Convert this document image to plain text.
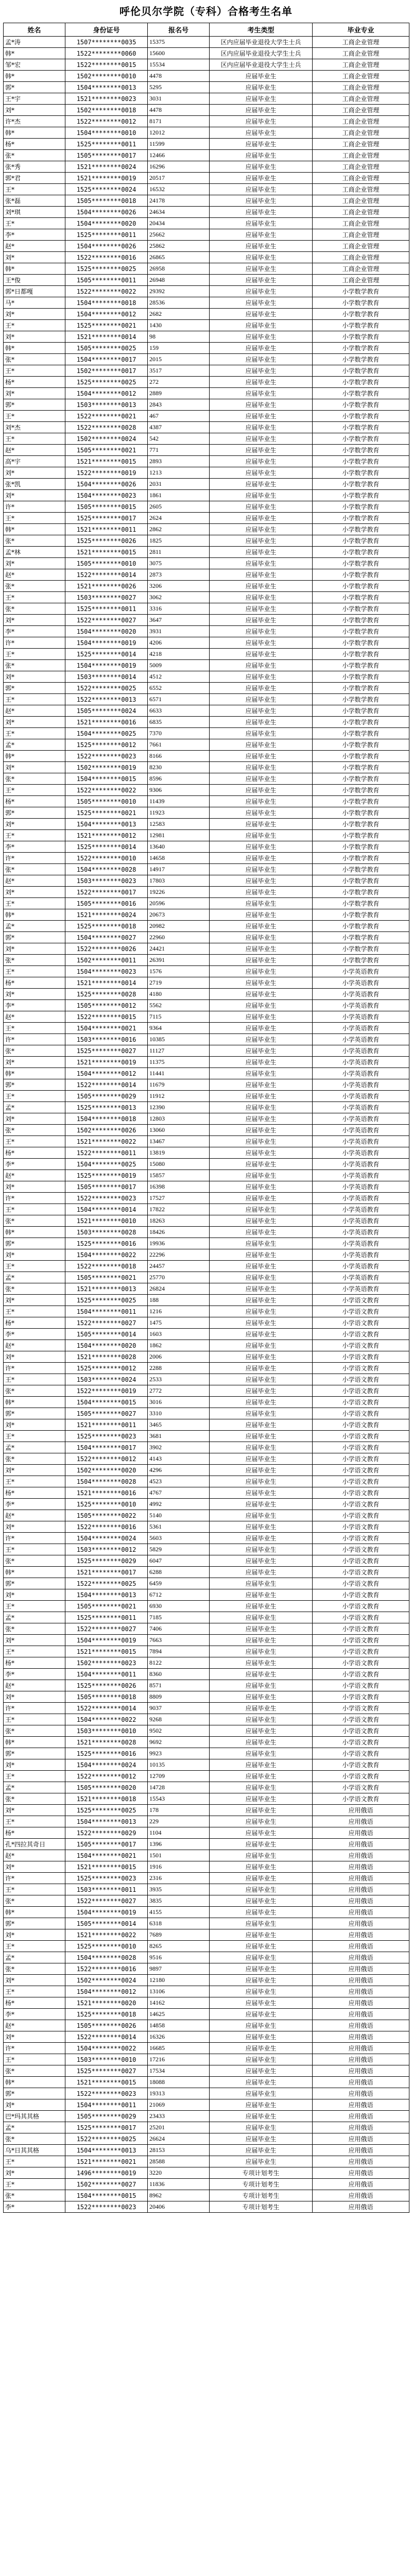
呼伦贝尔学院（专科）合格考生名单
姓名	身份证号	报名号	考生类型	毕业专业
孟*涛	1507********0035	15375	区内应届毕业退役大学生士兵	工商企业管理
韩*	1522********0060	15600	区内应届毕业退役大学生士兵	工商企业管理
邹*宏	1522********0015	15534	区内应届毕业退役大学生士兵	工商企业管理
韩*	1502********0010	4478	应届毕业生	工商企业管理
郭*	1504********0013	5295	应届毕业生	工商企业管理
王*宇	1521********0023	3031	应届毕业生	工商企业管理
刘*	1502********0018	4478	应届毕业生	工商企业管理
许*杰	1522********0012	8171	应届毕业生	工商企业管理
韩*	1504********0010	12012	应届毕业生	工商企业管理
杨*	1525********0011	11599	应届毕业生	工商企业管理
张*	1505********0017	12466	应届毕业生	工商企业管理
张*秀	1521********0024	16296	应届毕业生	工商企业管理
郭*君	1521********0019	20517	应届毕业生	工商企业管理
王*	1525********0024	16532	应届毕业生	工商企业管理
张*磊	1505********0018	24178	应届毕业生	工商企业管理
刘*琪	1504********0026	24634	应届毕业生	工商企业管理
王*	1504********0020	20434	应届毕业生	工商企业管理
李*	1525********0011	25662	应届毕业生	工商企业管理
赵*	1504********0026	25862	应届毕业生	工商企业管理
刘*	1522********0016	26865	应届毕业生	工商企业管理
韩*	1525********0025	26958	应届毕业生	工商企业管理
王*俊	1505********0011	26948	应届毕业生	工商企业管理
郭*日都嘎	1522********0022	29392	应届毕业生	小学数学教育
马*	1504********0018	28536	应届毕业生	小学数学教育
刘*	1504********0012	2682	应届毕业生	小学数学教育
王*	1525********0021	1430	应届毕业生	小学数学教育
刘*	1521********0014	98	应届毕业生	小学数学教育
韩*	1505********0025	159	应届毕业生	小学数学教育
张*	1504********0017	2015	应届毕业生	小学数学教育
王*	1502********0017	3517	应届毕业生	小学数学教育
杨*	1525********0025	272	应届毕业生	小学数学教育
刘*	1504********0012	2889	应届毕业生	小学数学教育
郭*	1503********0013	2843	应届毕业生	小学数学教育
王*	1522********0021	467	应届毕业生	小学数学教育
刘*杰	1522********0028	4387	应届毕业生	小学数学教育
王*	1502********0024	542	应届毕业生	小学数学教育
赵*	1505********0021	771	应届毕业生	小学数学教育
高*宇	1521********0015	2893	应届毕业生	小学数学教育
刘*	1522********0019	1213	应届毕业生	小学数学教育
张*凯	1504********0026	2031	应届毕业生	小学数学教育
刘*	1504********0023	1861	应届毕业生	小学数学教育
许*	1505********0015	2605	应届毕业生	小学数学教育
王*	1525********0017	2624	应届毕业生	小学数学教育
韩*	1521********0011	2862	应届毕业生	小学数学教育
张*	1525********0026	1825	应届毕业生	小学数学教育
孟*林	1521********0015	2811	应届毕业生	小学数学教育
刘*	1505********0010	3075	应届毕业生	小学数学教育
赵*	1522********0014	2873	应届毕业生	小学数学教育
张*	1521********0026	3206	应届毕业生	小学数学教育
王*	1503********0027	3062	应届毕业生	小学数学教育
张*	1525********0011	3316	应届毕业生	小学数学教育
刘*	1522********0027	3647	应届毕业生	小学数学教育
李*	1504********0020	3931	应届毕业生	小学数学教育
许*	1504********0019	4206	应届毕业生	小学数学教育
王*	1525********0014	4218	应届毕业生	小学数学教育
张*	1504********0019	5009	应届毕业生	小学数学教育
刘*	1503********0014	4512	应届毕业生	小学数学教育
郭*	1522********0025	6552	应届毕业生	小学数学教育
王*	1522********0013	6571	应届毕业生	小学数学教育
赵*	1505********0024	6633	应届毕业生	小学数学教育
刘*	1521********0016	6835	应届毕业生	小学数学教育
王*	1504********0025	7370	应届毕业生	小学数学教育
孟*	1525********0012	7661	应届毕业生	小学数学教育
韩*	1522********0023	8166	应届毕业生	小学数学教育
刘*	1502********0019	8230	应届毕业生	小学数学教育
张*	1504********0015	8596	应届毕业生	小学数学教育
王*	1522********0022	9306	应届毕业生	小学数学教育
杨*	1505********0010	11439	应届毕业生	小学数学教育
郭*	1525********0021	11923	应届毕业生	小学数学教育
刘*	1504********0013	12583	应届毕业生	小学数学教育
王*	1521********0012	12981	应届毕业生	小学数学教育
李*	1525********0014	13640	应届毕业生	小学数学教育
许*	1522********0010	14658	应届毕业生	小学数学教育
张*	1504********0028	14917	应届毕业生	小学数学教育
赵*	1503********0023	17803	应届毕业生	小学数学教育
刘*	1522********0017	19226	应届毕业生	小学数学教育
王*	1505********0016	20596	应届毕业生	小学数学教育
韩*	1521********0024	20673	应届毕业生	小学数学教育
孟*	1525********0018	20982	应届毕业生	小学数学教育
郭*	1504********0027	22960	应届毕业生	小学数学教育
刘*	1522********0026	24421	应届毕业生	小学数学教育
张*	1502********0011	26391	应届毕业生	小学数学教育
王*	1504********0023	1576	应届毕业生	小学英语教育
杨*	1521********0014	2719	应届毕业生	小学英语教育
刘*	1525********0028	4180	应届毕业生	小学英语教育
李*	1505********0012	5562	应届毕业生	小学英语教育
赵*	1522********0015	7115	应届毕业生	小学英语教育
王*	1504********0021	9364	应届毕业生	小学英语教育
许*	1503********0016	10385	应届毕业生	小学英语教育
张*	1525********0027	11127	应届毕业生	小学英语教育
刘*	1521********0019	11375	应届毕业生	小学英语教育
韩*	1504********0012	11441	应届毕业生	小学英语教育
郭*	1522********0014	11679	应届毕业生	小学英语教育
王*	1505********0029	11912	应届毕业生	小学英语教育
孟*	1525********0013	12390	应届毕业生	小学英语教育
刘*	1504********0018	12803	应届毕业生	小学英语教育
张*	1502********0026	13060	应届毕业生	小学英语教育
王*	1521********0022	13467	应届毕业生	小学英语教育
杨*	1522********0011	13819	应届毕业生	小学英语教育
李*	1504********0025	15080	应届毕业生	小学英语教育
赵*	1525********0019	15857	应届毕业生	小学英语教育
刘*	1505********0017	16398	应届毕业生	小学英语教育
许*	1522********0023	17527	应届毕业生	小学英语教育
王*	1504********0014	17822	应届毕业生	小学英语教育
张*	1521********0010	18263	应届毕业生	小学英语教育
韩*	1503********0028	18426	应届毕业生	小学英语教育
郭*	1525********0016	19936	应届毕业生	小学英语教育
刘*	1504********0022	22296	应届毕业生	小学英语教育
王*	1522********0018	24457	应届毕业生	小学英语教育
孟*	1505********0021	25770	应届毕业生	小学英语教育
张*	1521********0013	26824	应届毕业生	小学英语教育
刘*	1525********0025	188	应届毕业生	小学语文教育
王*	1504********0011	1216	应届毕业生	小学语文教育
杨*	1522********0027	1475	应届毕业生	小学语文教育
李*	1505********0014	1603	应届毕业生	小学语文教育
赵*	1504********0020	1862	应届毕业生	小学语文教育
刘*	1521********0028	2006	应届毕业生	小学语文教育
许*	1525********0012	2288	应届毕业生	小学语文教育
王*	1503********0024	2533	应届毕业生	小学语文教育
张*	1522********0019	2772	应届毕业生	小学语文教育
韩*	1504********0015	3016	应届毕业生	小学语文教育
郭*	1505********0027	3310	应届毕业生	小学语文教育
刘*	1521********0011	3465	应届毕业生	小学语文教育
王*	1525********0023	3681	应届毕业生	小学语文教育
孟*	1504********0017	3902	应届毕业生	小学语文教育
张*	1522********0012	4143	应届毕业生	小学语文教育
刘*	1502********0020	4296	应届毕业生	小学语文教育
王*	1504********0028	4523	应届毕业生	小学语文教育
杨*	1521********0016	4767	应届毕业生	小学语文教育
李*	1525********0010	4992	应届毕业生	小学语文教育
赵*	1505********0022	5140	应届毕业生	小学语文教育
刘*	1522********0016	5361	应届毕业生	小学语文教育
许*	1504********0024	5603	应届毕业生	小学语文教育
王*	1503********0012	5829	应届毕业生	小学语文教育
张*	1525********0029	6047	应届毕业生	小学语文教育
韩*	1521********0017	6288	应届毕业生	小学语文教育
郭*	1522********0025	6459	应届毕业生	小学语文教育
刘*	1504********0013	6712	应届毕业生	小学语文教育
王*	1505********0021	6930	应届毕业生	小学语文教育
孟*	1525********0011	7185	应届毕业生	小学语文教育
张*	1522********0027	7406	应届毕业生	小学语文教育
刘*	1504********0019	7663	应届毕业生	小学语文教育
王*	1521********0015	7894	应届毕业生	小学语文教育
杨*	1502********0023	8122	应届毕业生	小学语文教育
李*	1504********0011	8360	应届毕业生	小学语文教育
赵*	1525********0026	8571	应届毕业生	小学语文教育
刘*	1505********0018	8809	应届毕业生	小学语文教育
许*	1522********0014	9037	应届毕业生	小学语文教育
王*	1504********0022	9268	应届毕业生	小学语文教育
张*	1503********0010	9502	应届毕业生	小学语文教育
韩*	1521********0028	9692	应届毕业生	小学语文教育
郭*	1525********0016	9923	应届毕业生	小学语文教育
刘*	1504********0024	10135	应届毕业生	小学语文教育
王*	1522********0012	12709	应届毕业生	小学语文教育
孟*	1505********0020	14728	应届毕业生	小学语文教育
张*	1521********0018	15543	应届毕业生	小学语文教育
刘*	1525********0025	178	应届毕业生	应用俄语
王*	1504********0013	229	应届毕业生	应用俄语
杨*	1522********0029	1104	应届毕业生	应用俄语
孔*四拉其奇日	1505********0017	1396	应届毕业生	应用俄语
赵*	1504********0021	1501	应届毕业生	应用俄语
刘*	1521********0015	1916	应届毕业生	应用俄语
许*	1525********0023	2316	应届毕业生	应用俄语
王*	1503********0011	3935	应届毕业生	应用俄语
张*	1522********0027	3835	应届毕业生	应用俄语
韩*	1504********0019	4155	应届毕业生	应用俄语
郭*	1505********0014	6318	应届毕业生	应用俄语
刘*	1521********0022	7689	应届毕业生	应用俄语
王*	1525********0010	8265	应届毕业生	应用俄语
孟*	1504********0028	9516	应届毕业生	应用俄语
张*	1522********0016	9897	应届毕业生	应用俄语
刘*	1502********0024	12180	应届毕业生	应用俄语
王*	1504********0012	13106	应届毕业生	应用俄语
杨*	1521********0020	14162	应届毕业生	应用俄语
李*	1525********0018	14625	应届毕业生	应用俄语
赵*	1505********0026	14858	应届毕业生	应用俄语
刘*	1522********0014	16326	应届毕业生	应用俄语
许*	1504********0022	16685	应届毕业生	应用俄语
王*	1503********0010	17216	应届毕业生	应用俄语
张*	1525********0027	17534	应届毕业生	应用俄语
韩*	1521********0015	18088	应届毕业生	应用俄语
郭*	1522********0023	19313	应届毕业生	应用俄语
刘*	1504********0011	21069	应届毕业生	应用俄语
巴*玛其其格	1505********0029	23433	应届毕业生	应用俄语
孟*	1525********0017	25201	应届毕业生	应用俄语
张*	1522********0025	26624	应届毕业生	应用俄语
乌*日其其格	1504********0013	28153	应届毕业生	应用俄语
王*	1521********0021	28588	应届毕业生	应用俄语
刘*	1496********0019	3220	专项计划考生	应用俄语
王*	1502********0027	11836	专项计划考生	应用俄语
张*	1504********0015	8962	专项计划考生	应用俄语
李*	1522********0023	20406	专项计划考生	应用俄语
